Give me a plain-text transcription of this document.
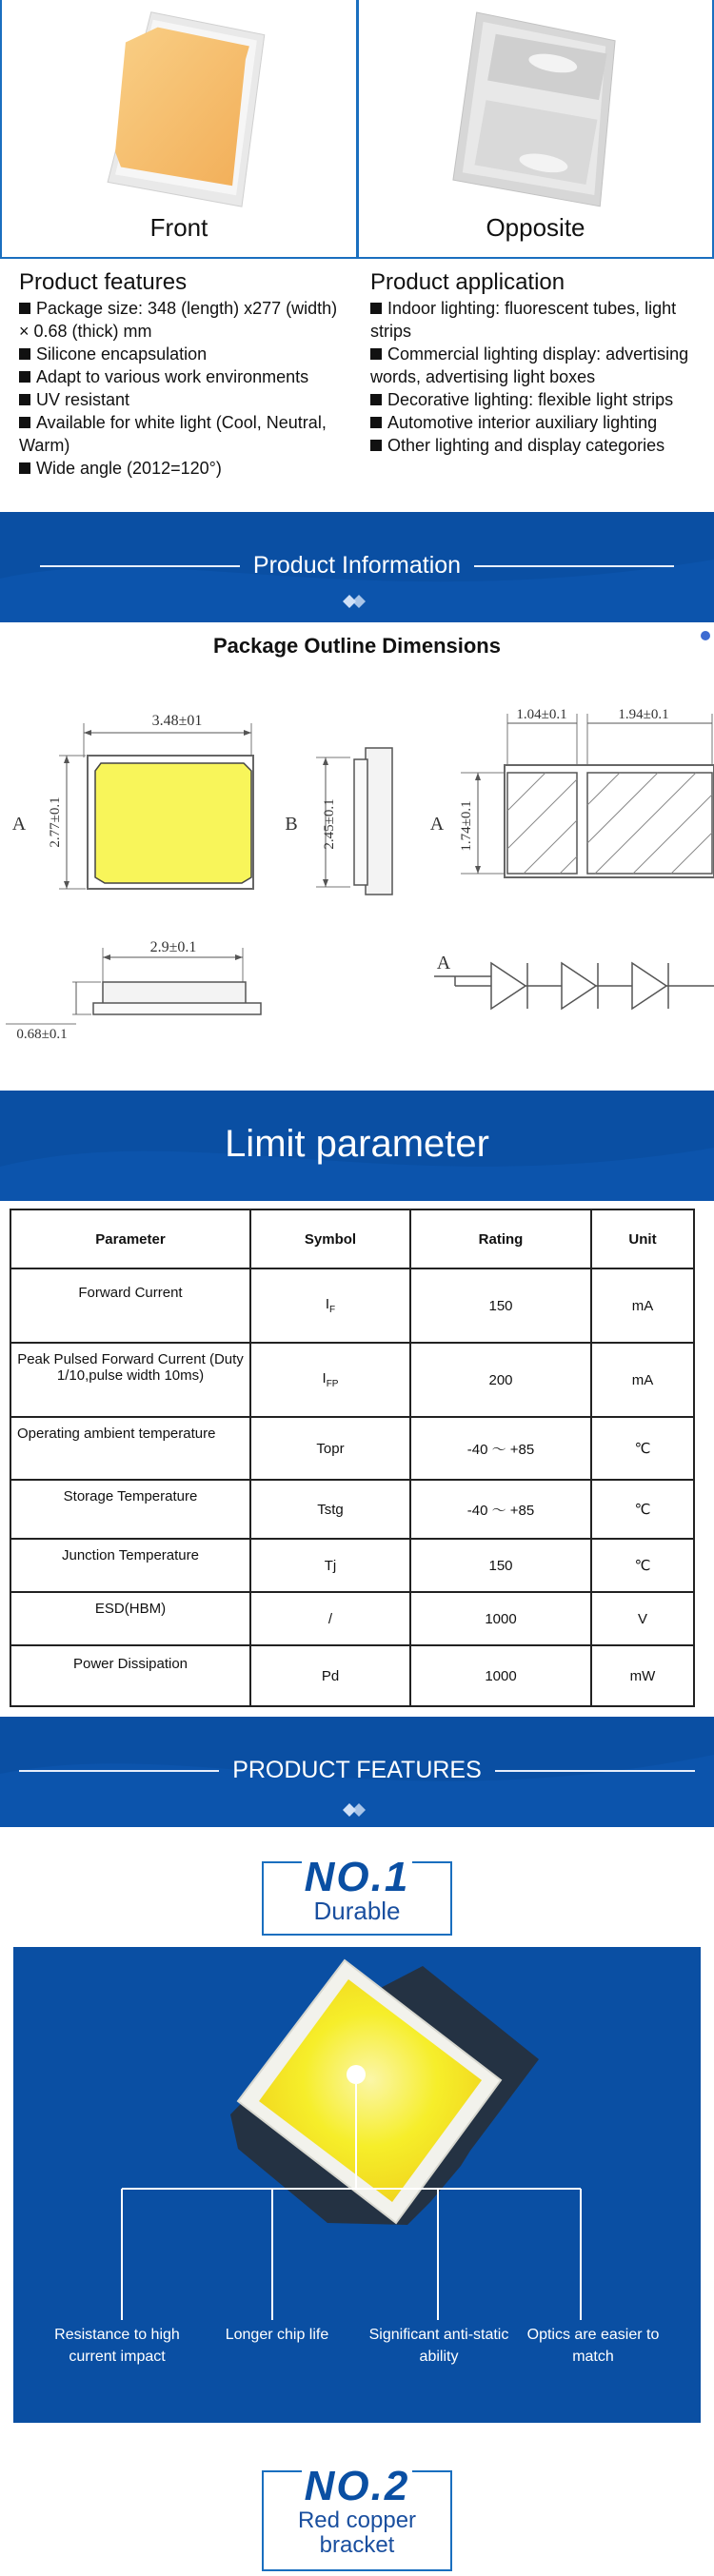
Front	Opposite
Product features
Package size: 348 (length) x277 (width) × 0.68 (thick) mm
Silicone encapsulation
Adapt to various work environments
UV resistant
Available for white light (Cool, Neutral, Warm)
Wide angle (2012=120°)
Product application
Indoor lighting: fluorescent tubes, light strips
Commercial lighting display: advertising words, advertising light boxes
Decorative lighting: flexible light strips
Automotive interior auxiliary lighting
Other lighting and display categories
Product Information
Package Outline Dimensions
3.48±01
2.77±0.1
A	B 2.45±0.1	A
1.04±0.1	1.94±0.1
1.74±0.1
2.9±0.1
0.68±0.1
A
Limit parameter
Parameter	Symbol	Rating	Unit
Forward Current	$I_F$	150	mA
Peak Pulsed Forward Current (Duty 1/10,pulse width 10ms)	$I_{FP}$	200	mA
Operating ambient temperature	Topr	-40 ～ +85	℃
Storage Temperature	Tstg	-40 ～ +85	℃
Junction Temperature	Tj	150	℃
ESD(HBM)	/	1000	V
Power Dissipation	Pd	1000	mW
PRODUCT FEATURES
NO.1
Durable
Resistance to high current impact
Longer chip life	Significant anti-static ability
Optics are easier to match
NO.2
Red copper bracket
